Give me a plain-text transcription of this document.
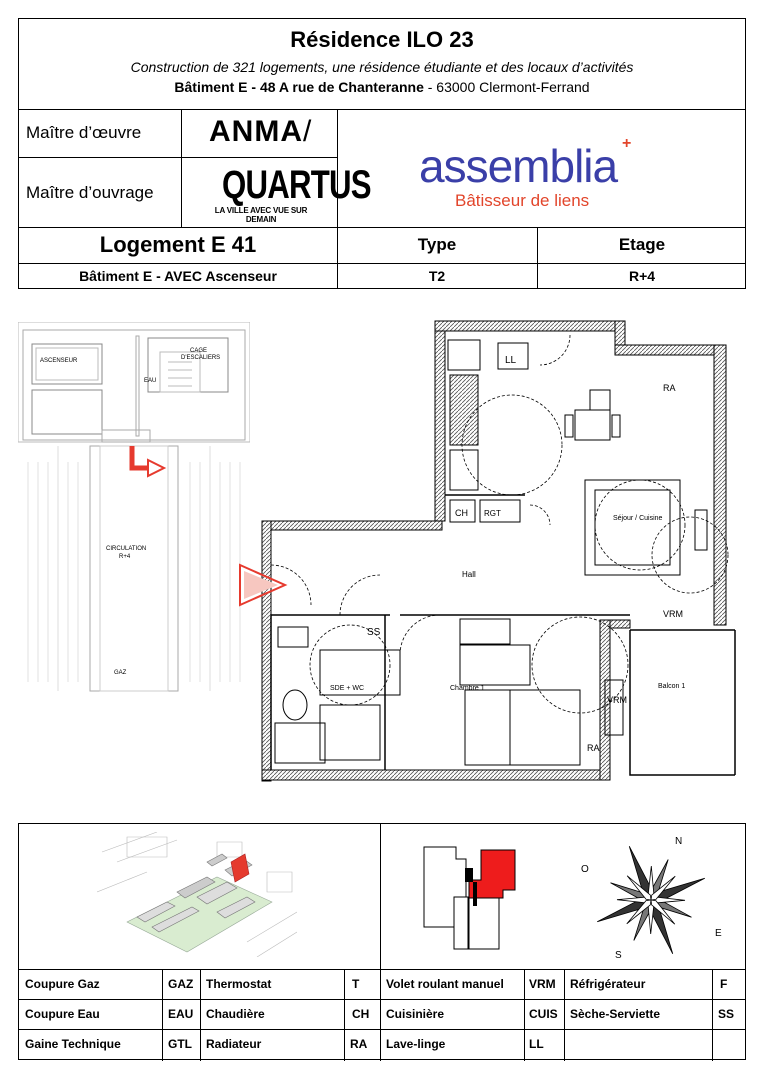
Résidence ILO 23
Construction de 321 logements, une résidence étudiante et des locaux d’activités
Bâtiment E - 48 A rue de Chanteranne - 63000 Clermont-Ferrand
Maître d’œuvre
Maître d’ouvrage
ANMA/
QUARTUS
LA VILLE AVEC VUE SUR DEMAIN
assemblia +
Bâtisseur de liens
Logement E 41	Type	Etage
Bâtiment E - AVEC Ascenseur	T2	R+4
ASCENSEUR
CAGE
D'ESCALIERS
EAU
CIRCULATION
R+4
GAZ
LL
RA
CH RGT
Séjour / Cuisine
Hall
VRM
SS
SDE + WC	Chambre 1
VRM
RA
Balcon 1
N
O
E
S
Coupure Gaz	GAZ Thermostat	T Volet roulant manuel VRM Réfrigérateur	F
Coupure Eau	EAU Chaudière	CH Cuisinière	CUIS Sèche-Serviette	SS
Gaine Technique	GTL Radiateur	RA Lave-linge	LL
